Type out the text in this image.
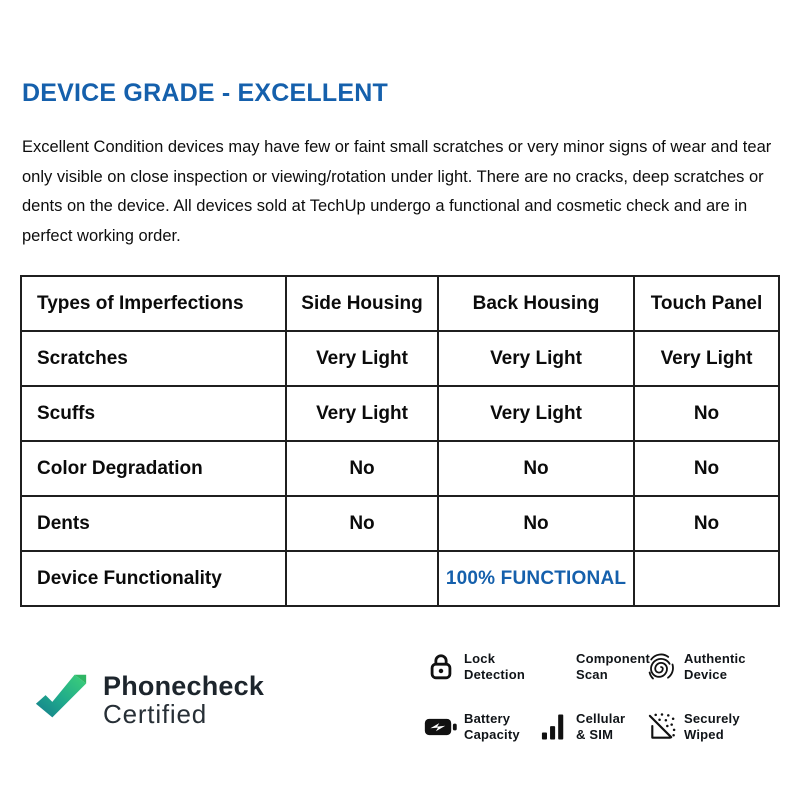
DEVICE GRADE - EXCELLENT

Excellent Condition devices may have few or faint small scratches or very minor signs of wear and tear only visible on close inspection or viewing/rotation under light. There are no cracks, deep scratches or dents on the device. All devices sold at TechUp undergo a functional and cosmetic check and are in perfect working order.

Types of Imperfections	Side Housing	Back Housing	Touch Panel
Scratches	Very Light	Very Light	Very Light
Scuffs	Very Light	Very Light	No
Color Degradation	No	No	No
Dents	No	No	No
Device Functionality		100% FUNCTIONAL	
Phonecheck
Certified
Lock
Detection
Component
Scan
Authentic
Device
Battery
Capacity
Cellular
& SIM
Securely
Wiped
